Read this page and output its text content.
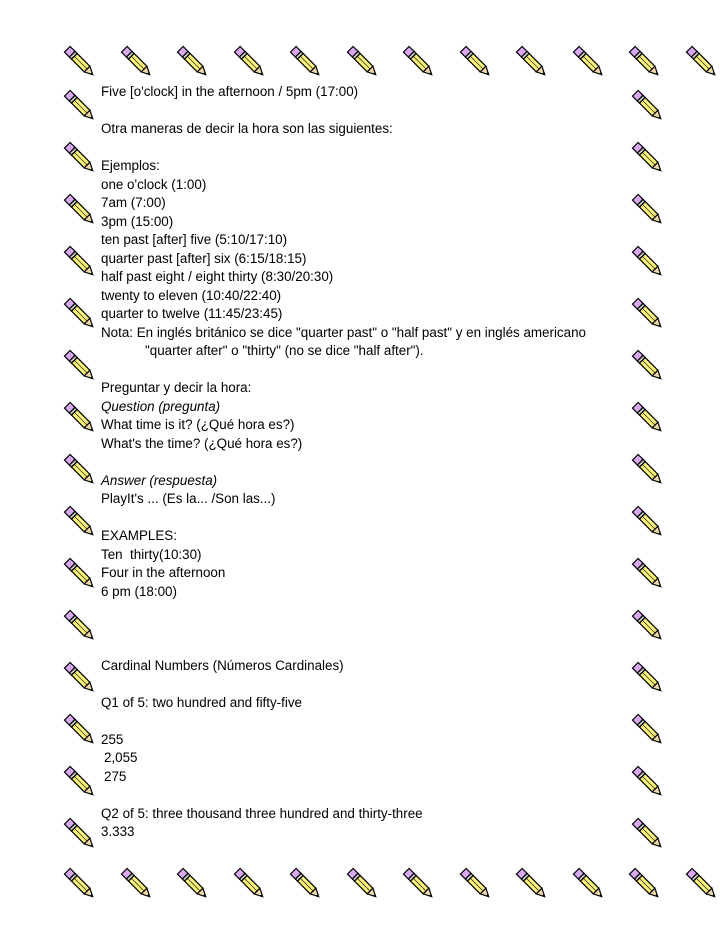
Five [o'clock] in the afternoon / 5pm (17:00)
Otra maneras de decir la hora son las siguientes:
Ejemplos:
one o'clock (1:00)
7am (7:00)
3pm (15:00)
ten past [after] five (5:10/17:10)
quarter past [after] six (6:15/18:15)
half past eight / eight thirty (8:30/20:30)
twenty to eleven (10:40/22:40)
quarter to twelve (11:45/23:45)
Nota: En inglés británico se dice "quarter past" o "half past" y en inglés americano
"quarter after" o "thirty" (no se dice "half after").
Preguntar y decir la hora:
Question (pregunta)
What time is it? (¿Qué hora es?)
What's the time? (¿Qué hora es?)
Answer (respuesta)
PlayIt's ... (Es la... /Son las...)
EXAMPLES:
Ten  thirty(10:30)
Four in the afternoon
6 pm (18:00)
Cardinal Numbers (Números Cardinales)
Q1 of 5: two hundred and fifty-five
255
2,055
275
Q2 of 5: three thousand three hundred and thirty-three
3.333
